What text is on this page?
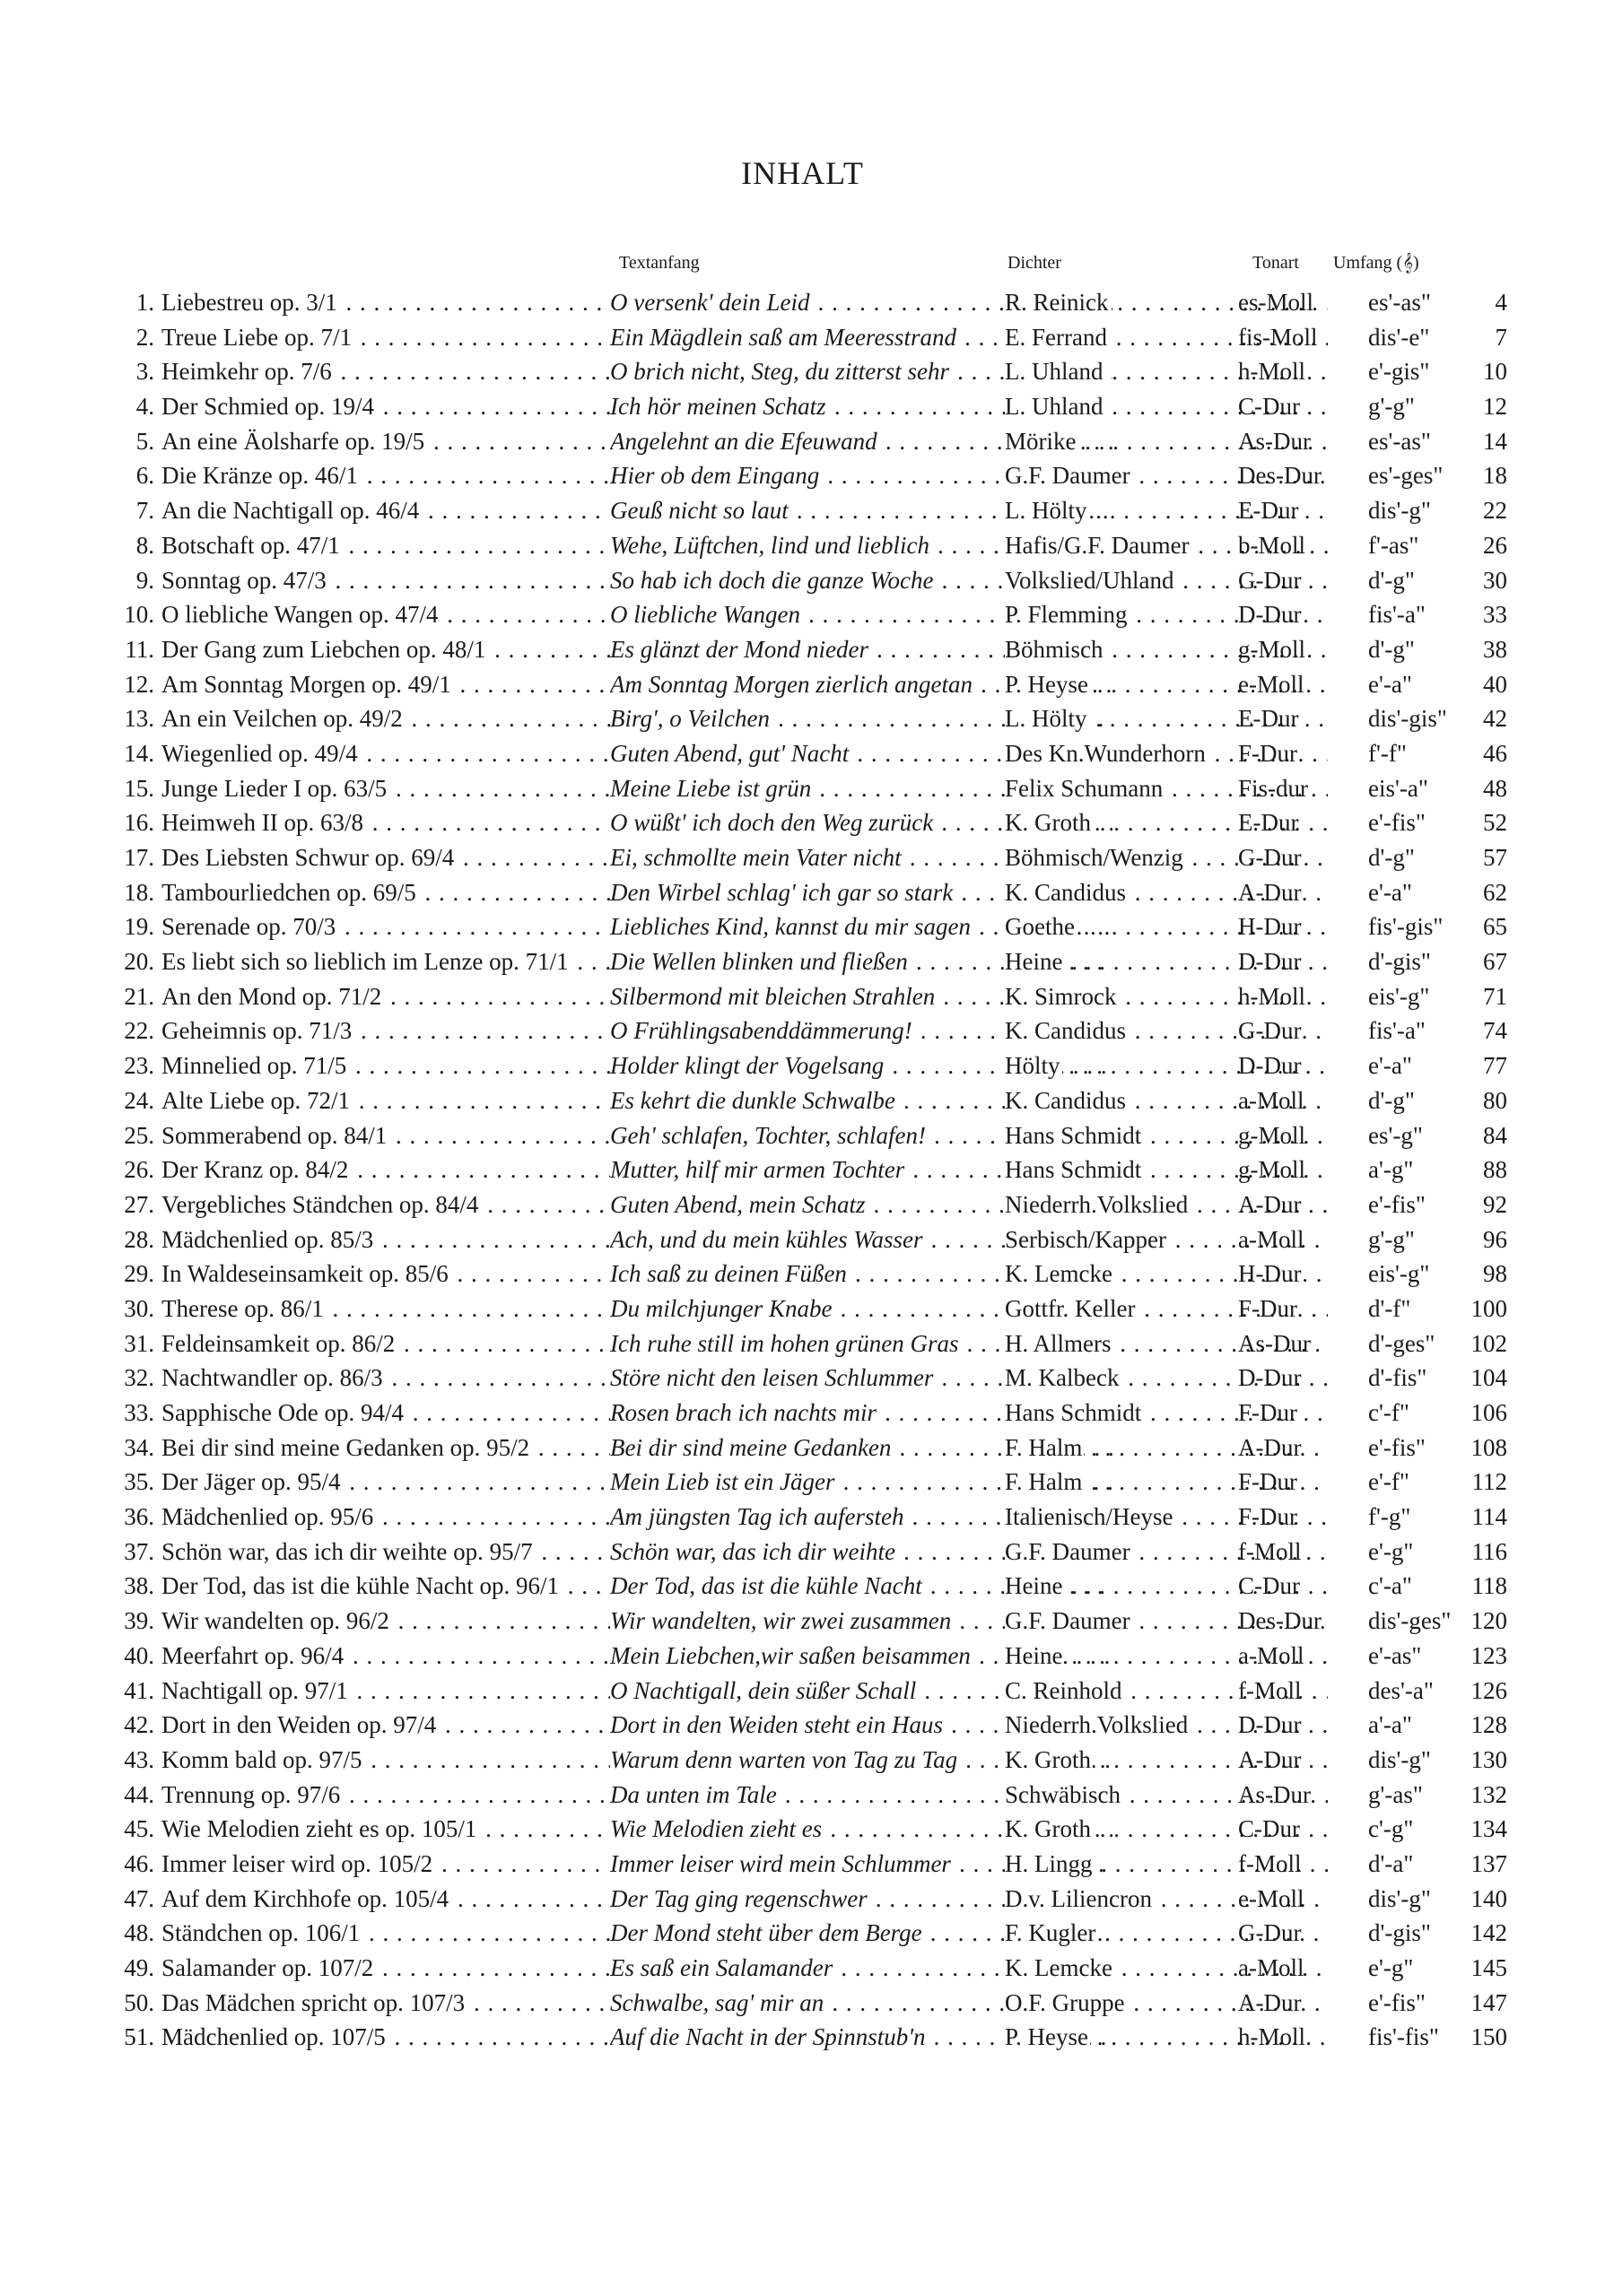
INHALT
Textanfang	Dichter	Tonart Umfang (𝄞)
1. Liebestreu op. 3/1 . . .	O versenk' dein Leid . . .	R. Reinick . . .	es-Moll	es'-as"	4
2. Treue Liebe op. 7/1 . . .	Ein Mägdlein saß am Meeresstrand . . .	E. Ferrand . . .	fis-Moll	dis'-e"	7
3. Heimkehr op. 7/6 . . .	O brich nicht, Steg, du zitterst sehr . . .	L. Uhland . . .	h-Moll	e'-gis"	10
4. Der Schmied op. 19/4 . . .	Ich hör meinen Schatz . . .	L. Uhland . . .	C-Dur	g'-g"	12
5. An eine Äolsharfe op. 19/5 . . .	Angelehnt an die Efeuwand . . .	Mörike . . .	As-Dur	es'-as"	14
6. Die Kränze op. 46/1 . . .	Hier ob dem Eingang . . .	G.F. Daumer . . .	Des-Dur	es'-ges"	18
7. An die Nachtigall op. 46/4 . . .	Geuß nicht so laut . . .	L. Hölty . . .	E-Dur	dis'-g"	22
8. Botschaft op. 47/1 . . .	Wehe, Lüftchen, lind und lieblich . . .	Hafis/G.F. Daumer . . .	b-Moll	f'-as"	26
9. Sonntag op. 47/3 . . .	So hab ich doch die ganze Woche . . .	Volkslied/Uhland . . .	G-Dur	d'-g"	30
10. O liebliche Wangen op. 47/4 . . .	O liebliche Wangen . . .	P. Flemming . . .	D-Dur	fis'-a"	33
11. Der Gang zum Liebchen op. 48/1 . . .	Es glänzt der Mond nieder . . .	Böhmisch . . .	g-Moll	d'-g"	38
12. Am Sonntag Morgen op. 49/1 . . .	Am Sonntag Morgen zierlich angetan . . .	P. Heyse . . .	e-Moll	e'-a"	40
13. An ein Veilchen op. 49/2 . . .	Birg', o Veilchen . . .	L. Hölty . . .	E-Dur	dis'-gis"	42
14. Wiegenlied op. 49/4 . . .	Guten Abend, gut' Nacht . . .	Des Kn.Wunderhorn . . .	F-Dur	f'-f"	46
15. Junge Lieder I op. 63/5 . . .	Meine Liebe ist grün . . .	Felix Schumann . . .	Fis-dur	eis'-a"	48
16. Heimweh II op. 63/8 . . .	O wüßt' ich doch den Weg zurück . . .	K. Groth . . .	E-Dur	e'-fis"	52
17. Des Liebsten Schwur op. 69/4 . . .	Ei, schmollte mein Vater nicht . . .	Böhmisch/Wenzig . . .	G-Dur	d'-g"	57
18. Tambourliedchen op. 69/5 . . .	Den Wirbel schlag' ich gar so stark . . .	K. Candidus . . .	A-Dur	e'-a"	62
19. Serenade op. 70/3 . . .	Liebliches Kind, kannst du mir sagen . . .	Goethe . . .	H-Dur	fis'-gis"	65
20. Es liebt sich so lieblich im Lenze op. 71/1 . . .	Die Wellen blinken und fließen . . .	Heine . . .	D-Dur	d'-gis"	67
21. An den Mond op. 71/2 . . .	Silbermond mit bleichen Strahlen . . .	K. Simrock . . .	h-Moll	eis'-g"	71
22. Geheimnis op. 71/3 . . .	O Frühlingsabenddämmerung! . . .	K. Candidus . . .	G-Dur	fis'-a"	74
23. Minnelied op. 71/5 . . .	Holder klingt der Vogelsang . . .	Hölty . . .	D-Dur	e'-a"	77
24. Alte Liebe op. 72/1 . . .	Es kehrt die dunkle Schwalbe . . .	K. Candidus . . .	a-Moll	d'-g"	80
25. Sommerabend op. 84/1 . . .	Geh' schlafen, Tochter, schlafen! . . .	Hans Schmidt . . .	g-Moll	es'-g"	84
26. Der Kranz op. 84/2 . . .	Mutter, hilf mir armen Tochter . . .	Hans Schmidt . . .	g-Moll	a'-g"	88
27. Vergebliches Ständchen op. 84/4 . . .	Guten Abend, mein Schatz . . .	Niederrh.Volkslied . . .	A-Dur	e'-fis"	92
28. Mädchenlied op. 85/3 . . .	Ach, und du mein kühles Wasser . . .	Serbisch/Kapper . . .	a-Moll	g'-g"	96
29. In Waldeseinsamkeit op. 85/6 . . .	Ich saß zu deinen Füßen . . .	K. Lemcke . . .	H-Dur	eis'-g"	98
30. Therese op. 86/1 . . .	Du milchjunger Knabe . . .	Gottfr. Keller . . .	F-Dur	d'-f"	100
31. Feldeinsamkeit op. 86/2 . . .	Ich ruhe still im hohen grünen Gras . . .	H. Allmers . . .	As-Dur	d'-ges"	102
32. Nachtwandler op. 86/3 . . .	Störe nicht den leisen Schlummer . . .	M. Kalbeck . . .	D-Dur	d'-fis"	104
33. Sapphische Ode op. 94/4 . . .	Rosen brach ich nachts mir . . .	Hans Schmidt . . .	F-Dur	c'-f"	106
34. Bei dir sind meine Gedanken op. 95/2 . . .	Bei dir sind meine Gedanken . . .	F. Halm . . .	A-Dur	e'-fis"	108
35. Der Jäger op. 95/4 . . .	Mein Lieb ist ein Jäger . . .	F. Halm . . .	F-Dur	e'-f"	112
36. Mädchenlied op. 95/6 . . .	Am jüngsten Tag ich aufersteh . . .	Italienisch/Heyse . . .	F-Dur	f'-g"	114
37. Schön war, das ich dir weihte op. 95/7 . . .	Schön war, das ich dir weihte . . .	G.F. Daumer . . .	f-Moll	e'-g"	116
38. Der Tod, das ist die kühle Nacht op. 96/1 . . .	Der Tod, das ist die kühle Nacht . . .	Heine . . .	C-Dur	c'-a"	118
39. Wir wandelten op. 96/2 . . .	Wir wandelten, wir zwei zusammen . . .	G.F. Daumer . . .	Des-Dur	dis'-ges" 120
40. Meerfahrt op. 96/4 . . .	Mein Liebchen,wir saßen beisammen . . .	Heine . . .	a-Moll	e'-as"	123
41. Nachtigall op. 97/1 . . .	O Nachtigall, dein süßer Schall . . .	C. Reinhold . . .	f-Moll	des'-a"	126
42. Dort in den Weiden op. 97/4 . . .	Dort in den Weiden steht ein Haus . . .	Niederrh.Volkslied . . .	D-Dur	a'-a"	128
43. Komm bald op. 97/5 . . .	Warum denn warten von Tag zu Tag . . .	K. Groth . . .	A-Dur	dis'-g"	130
44. Trennung op. 97/6 . . .	Da unten im Tale . . .	Schwäbisch . . .	As-Dur	g'-as"	132
45. Wie Melodien zieht es op. 105/1 . . .	Wie Melodien zieht es . . .	K. Groth . . .	C-Dur	c'-g"	134
46. Immer leiser wird op. 105/2 . . .	Immer leiser wird mein Schlummer . . .	H. Lingg . . .	f-Moll	d'-a"	137
47. Auf dem Kirchhofe op. 105/4 . . .	Der Tag ging regenschwer . . .	D.v. Liliencron . . .	e-Moll	dis'-g"	140
48. Ständchen op. 106/1 . . .	Der Mond steht über dem Berge . . .	F. Kugler . . .	G-Dur	d'-gis"	142
49. Salamander op. 107/2 . . .	Es saß ein Salamander . . .	K. Lemcke . . .	a-Moll	e'-g"	145
50. Das Mädchen spricht op. 107/3 . . .	Schwalbe, sag' mir an . . .	O.F. Gruppe . . .	A-Dur	e'-fis"	147
51. Mädchenlied op. 107/5 . . .	Auf die Nacht in der Spinnstub'n . . .	P. Heyse . . .	h-Moll	fis'-fis"	150
